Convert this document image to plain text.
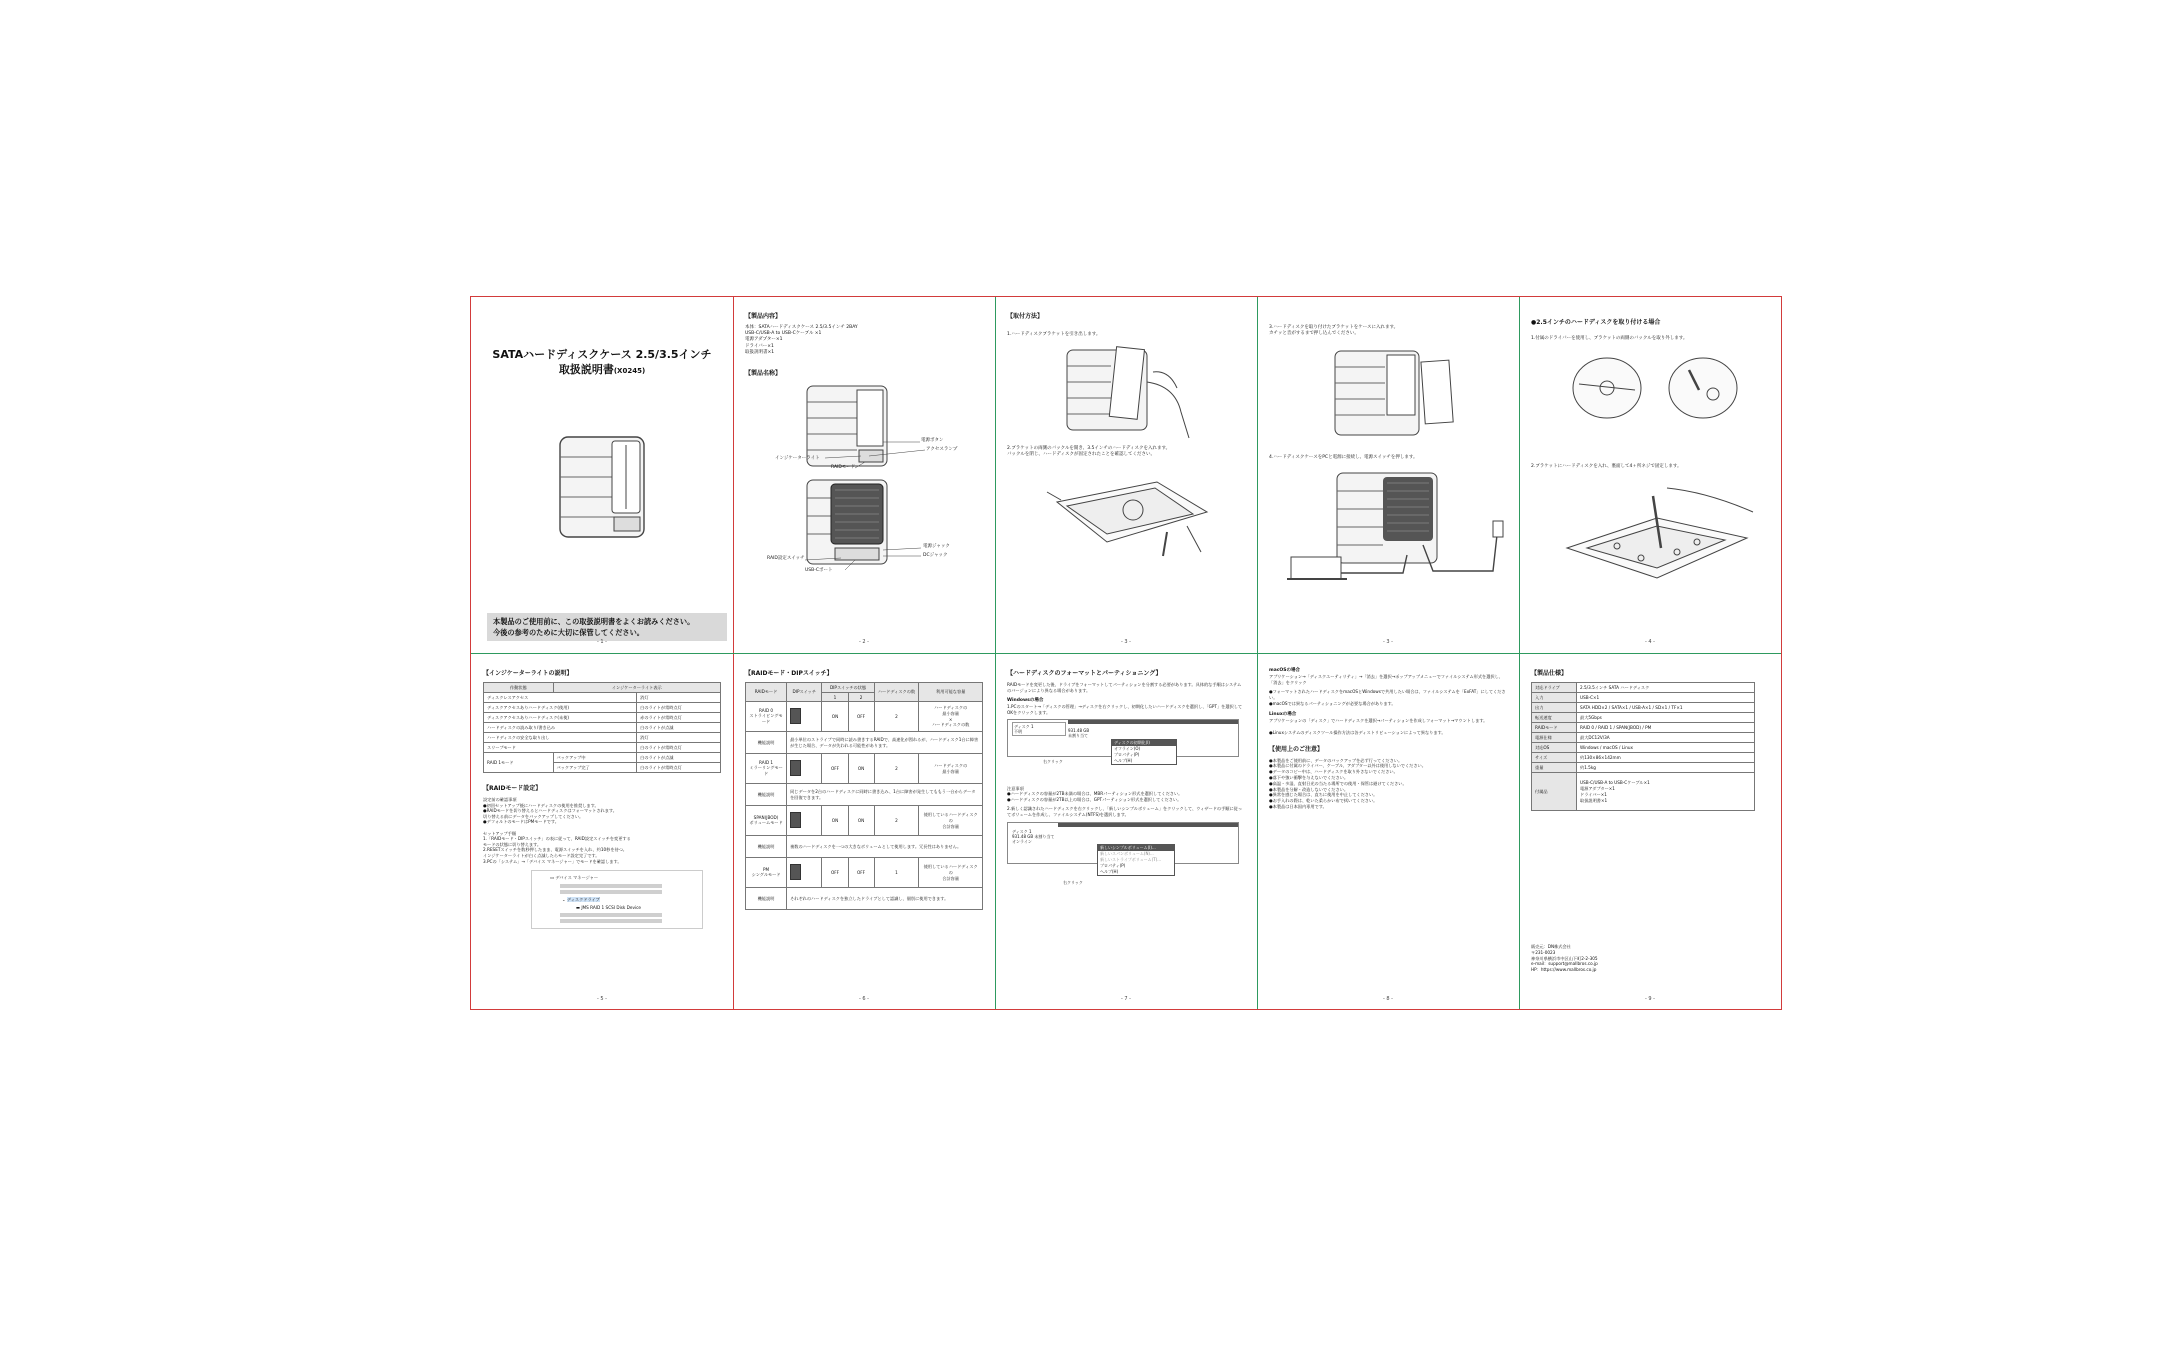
SATAハードディスクケース 2.5/3.5インチ
取扱説明書(X0245)
本製品のご使用前に、この取扱説明書をよくお読みください。
今後の参考のために大切に保管してください。
- 1 -
【製品内容】
本体：SATAハードディスクケース 2.5/3.5インチ 2BAY
USB-C/USB-A to USB-Cケーブル ×1
電源アダプター×1
ドライバー×1
取扱説明書×1
【製品名称】
電源ボタン
アクセスランプ
インジケーターライト
RAIDモード
RAID設定スイッチ
電源ジャック
USB-Cポート
DCジャック
- 2 -
【取付方法】
1.ハードディスクブラケットを引き出します。
2.ブラケットの両側のバックルを開き、3.5インチのハードディスクを入れます。
バックルを閉じ、ハードディスクが固定されたことを確認してください。
- 3 -
3.ハードディスクを取り付けたブラケットをケースに入れます。
カチッと音がするまで押し込んでください。
4.ハードディスクケースをPCと電源に接続し、電源スイッチを押します。
- 3 -
●2.5インチのハードディスクを取り付ける場合
1.付属のドライバーを使用し、ブラケットの両側のバックルを取り外します。
2.ブラケットにハードディスクを入れ、裏面して4ヶ所ネジで固定します。
- 4 -
【インジケーターライトの説明】
作動状態	インジケーターライト表示	
ディスクレスアクセス		消灯
ディスクアクセスありハードディスク(使用)		白のライトが常時点灯
ディスクアクセスありハードディスク(未使)		赤のライトが常時点灯
ハードディスクの読み取り/書き込み		白のライトが点滅
ハードディスクの安全な取り出し		消灯
スリープモード		白のライトが常時点灯
RAID 1モード	バックアップ中	白のライトが点滅
	バックアップ完了	白のライトが常時点灯
【RAIDモード設定】
設定前の確認事項
●初回セットアップ後にハードディスクの使用を推奨します。
●RAIDモードを切り替えるとハードディスクはフォーマットされます。
切り替える前にデータをバックアップしてください。
●デフォルトのモードはPMモードです。

セットアップ手順
1.「RAIDモード・DIPスイッチ」の表に従って、RAID設定スイッチを変更する
モードの状態に切り替えます。
2.RESETスイッチを数秒押したまま、電源スイッチを入れ、約10秒を待つ。
インジケーターライトが白く点滅したらモード設定完了です。
3.PCの「システム」→「デバイス マネージャー」でモードを確認します。
▭ デバイス マネージャー
⌄ ディスクドライブ
▬ JMS RAID 1 SCSI Disk Device
- 5 -
【RAIDモード・DIPスイッチ】
RAIDモード	DIPスイッチ	DIPスイッチの状態		ハードディスクの数	利用可能な容量
		1	2		
RAID 0
ストライピングモード		ON	OFF	2	ハードディスクの
最小容量
×
ハードディスクの数
機能説明	最小単位のストライプで同時に読み書きするRAIDで、高速化が図れるが、ハードディスク1台に障害が生じた場合、データが失われる可能性があります。				
RAID 1
ミラーリングモード		OFF	ON	2	ハードディスクの
最小容量
機能説明	同じデータを2台のハードディスクに同時に書き込み、1台に障害が発生してももう一台からデータを回復できます。				
SPAN(JBOD)
ボリュームモード		ON	ON	2	使用しているハードディスクの
合計容量
機能説明	複数のハードディスクを一つの大きなボリュームとして使用します。冗長性はありません。				
PM
シングルモード		OFF	OFF	1	使用しているハードディスクの
合計容量
機能説明	それぞれのハードディスクを独立したドライブとして認識し、個別に使用できます。				
- 6 -
【ハードディスクのフォーマットとパーティショニング】
RAIDモードを変更した後、ドライブをフォーマットしてパーティションを分割する必要があります。具体的な手順はシステムのバージョンにより異なる場合があります。
Windowsの場合
1.PCのスタート→「ディスクの管理」→ディスクを右クリックし、初期化したいハードディスクを選択し、「GPT」を選択してOKをクリックします。
ディスク 1
不明	931.48 GB
未割り当て
ディスクの初期化(I)
オフライン(O)
プロパティ(P)
ヘルプ(H)
右クリック
注意事項
●ハードディスクの容量が2TB未満の場合は、MBRパーティション形式を選択してください。
●ハードディスクの容量が2TB以上の場合は、GPTパーティション形式を選択してください。
2.新しく認識されたハードディスクを右クリックし、「新しいシンプルボリューム」をクリックして、ウィザードの手順に従ってボリュームを作成し、ファイルシステム(NTFS)を選択します。
ディスク 1
931.48 GB 未割り当て
オンライン
新しいシンプルボリューム(I)...
新しいスパンボリューム(N)...
新しいストライプボリューム(T)...
プロパティ(P)
ヘルプ(H)
右クリック
- 7 -
macOSの場合
アプリケーション→「ディスクユーティリティ」→「消去」を選択→ポップアップメニューでファイルシステム形式を選択し、「消去」をクリック
●フォーマットされたハードディスクをmacOSとWindowsで共用したい場合は、ファイルシステムを「ExFAT」にしてください。
●macOSでは異なるパーティショニングが必要な場合があります。
Linuxの場合
アプリケーションの「ディスク」でハードディスクを選択→パーティションを作成しフォーマット→マウントします。
●Linuxシステムのディスクツール操作方法は各ディストリビューションによって異なります。
【使用上のご注意】
●本製品をご使用前に、データのバックアップを必ず行ってください。
●本製品に付属のドライバー、ケーブル、アダプター以外は使用しないでください。
●データのコピー中は、ハードディスクを取り外さないでください。
●落下や強い衝撃を与えないでください。
●高温・多湿、直射日光の当たる場所での使用・保管は避けてください。
●本製品を分解・改造しないでください。
●異常を感じた場合は、直ちに使用を中止してください。
●お手入れの際は、乾いた柔らかい布で拭いてください。
●本製品は日本国内専用です。
- 8 -
【製品仕様】
対応ドライブ	2.5/3.5インチ SATA ハードディスク
入力	USB-C×1
出力	SATA HDD×2 / SATA×1 / USB-A×1 / SD×1 / TF×1
転送速度	最大5Gbps
RAIDモード	RAID 0 / RAID 1 / SPAN(JBOD) / PM
電源仕様	最大DC12V/3A
対応OS	Windows / macOS / Linux
サイズ	約130×86×142mm
重量	約1.5kg
付属品	USB-C/USB-A to USB-Cケーブル×1
電源アダプター×1
ドライバー×1
取扱説明書×1
販売元：DN株式会社
〒231-0023
神奈川県横浜市中区山下町2-2-305
e-mail：support@mallbros.co.jp
HP：https://www.mallbros.co.jp
- 9 -
